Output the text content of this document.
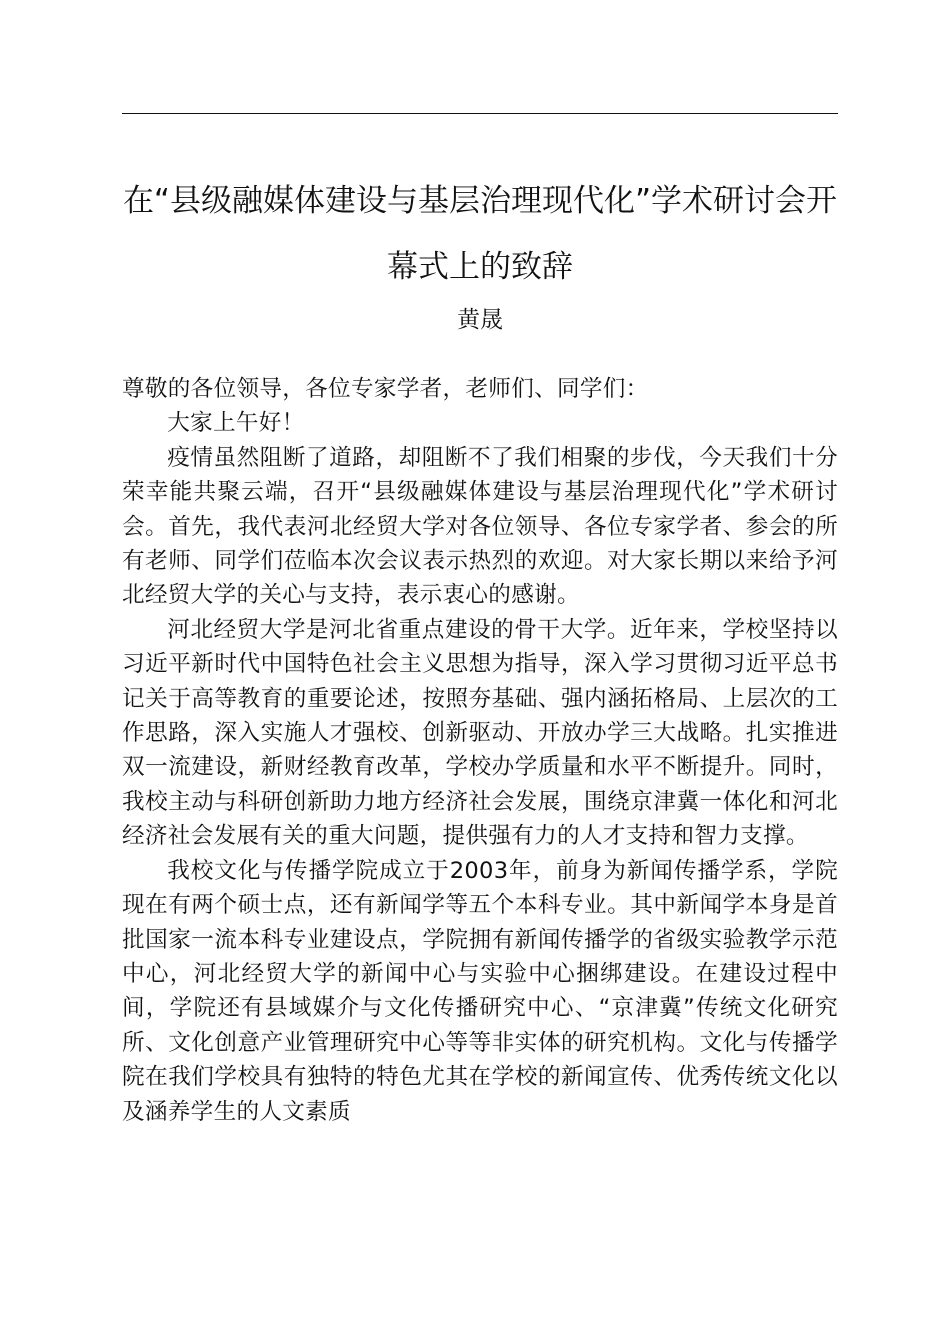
在“县级融媒体建设与基层治理现代化”学术研讨会开幕式上的致辞

黄晟

尊敬的各位领导，各位专家学者，老师们、同学们：

大家上午好！

疫情虽然阻断了道路，却阻断不了我们相聚的步伐，今天我们十分荣幸能共聚云端，召开“县级融媒体建设与基层治理现代化”学术研讨会。首先，我代表河北经贸大学对各位领导、各位专家学者、参会的所有老师、同学们莅临本次会议表示热烈的欢迎。对大家长期以来给予河北经贸大学的关心与支持，表示衷心的感谢。

河北经贸大学是河北省重点建设的骨干大学。近年来，学校坚持以习近平新时代中国特色社会主义思想为指导，深入学习贯彻习近平总书记关于高等教育的重要论述，按照夯基础、强内涵拓格局、上层次的工作思路，深入实施人才强校、创新驱动、开放办学三大战略。扎实推进双一流建设，新财经教育改革，学校办学质量和水平不断提升。同时，我校主动与科研创新助力地方经济社会发展，围绕京津冀一体化和河北经济社会发展有关的重大问题，提供强有力的人才支持和智力支撑。

我校文化与传播学院成立于2003年，前身为新闻传播学系，学院现在有两个硕士点，还有新闻学等五个本科专业。其中新闻学本身是首批国家一流本科专业建设点，学院拥有新闻传播学的省级实验教学示范中心，河北经贸大学的新闻中心与实验中心捆绑建设。在建设过程中间，学院还有县域媒介与文化传播研究中心、“京津冀”传统文化研究所、文化创意产业管理研究中心等等非实体的研究机构。文化与传播学院在我们学校具有独特的特色尤其在学校的新闻宣传、优秀传统文化以及涵养学生的人文素质
